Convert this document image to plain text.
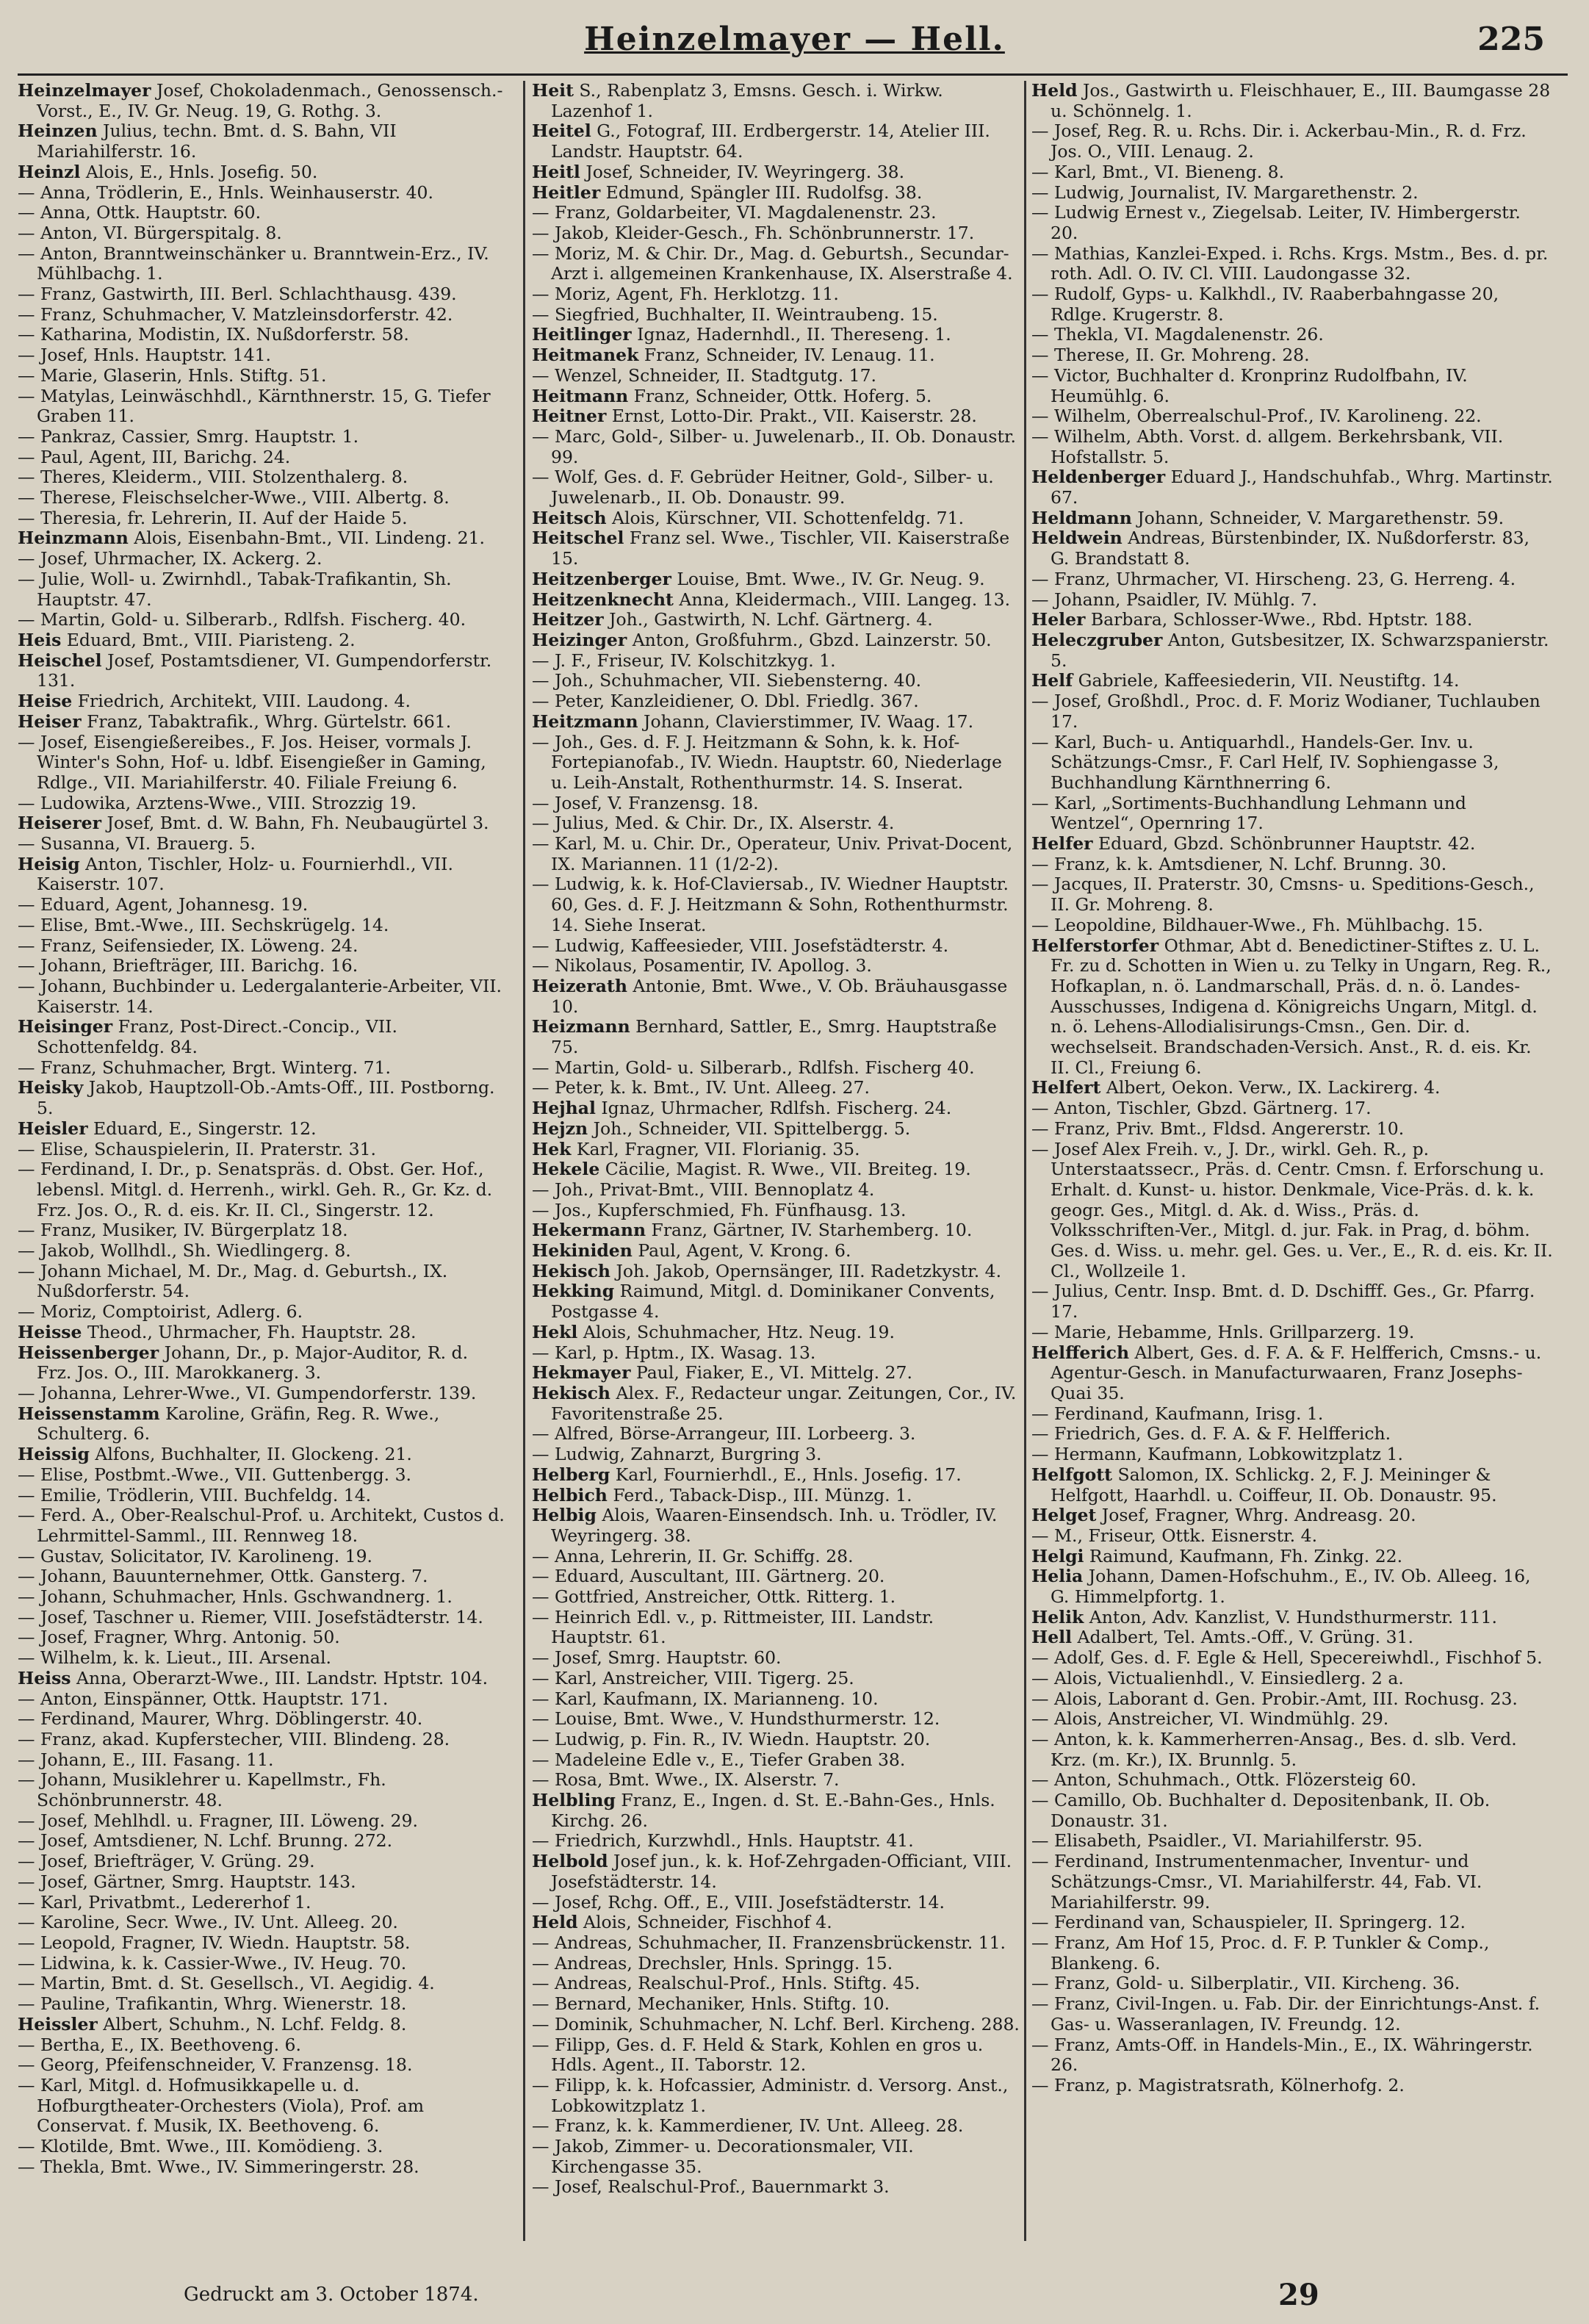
Heinzelmayer — Hell.	225
Heinzelmayer Josef, Chokoladenmach., Genossensch.-Vorst., E., IV. Gr. Neug. 19, G. Rothg. 3.
Heinzen Julius, techn. Bmt. d. S. Bahn, VII Mariahilferstr. 16.
Heinzl Alois, E., Hnls. Josefig. 50.
— Anna, Trödlerin, E., Hnls. Weinhauserstr. 40.
— Anna, Ottk. Hauptstr. 60.
— Anton, VI. Bürgerspitalg. 8.
— Anton, Branntweinschänker u. Branntwein-Erz., IV. Mühlbachg. 1.
— Franz, Gastwirth, III. Berl. Schlachthausg. 439.
— Franz, Schuhmacher, V. Matzleinsdorferstr. 42.
— Katharina, Modistin, IX. Nußdorferstr. 58.
— Josef, Hnls. Hauptstr. 141.
— Marie, Glaserin, Hnls. Stiftg. 51.
— Matylas, Leinwäschhdl., Kärnthnerstr. 15, G. Tiefer Graben 11.
— Pankraz, Cassier, Smrg. Hauptstr. 1.
— Paul, Agent, III, Barichg. 24.
— Theres, Kleiderm., VIII. Stolzenthalerg. 8.
— Therese, Fleischselcher-Wwe., VIII. Albertg. 8.
— Theresia, fr. Lehrerin, II. Auf der Haide 5.
Heinzmann Alois, Eisenbahn-Bmt., VII. Lindeng. 21.
— Josef, Uhrmacher, IX. Ackerg. 2.
— Julie, Woll- u. Zwirnhdl., Tabak-Trafikantin, Sh. Hauptstr. 47.
— Martin, Gold- u. Silberarb., Rdlfsh. Fischerg. 40.
Heis Eduard, Bmt., VIII. Piaristeng. 2.
Heischel Josef, Postamtsdiener, VI. Gumpendorferstr. 131.
Heise Friedrich, Architekt, VIII. Laudong. 4.
Heiser Franz, Tabaktrafik., Whrg. Gürtelstr. 661.
— Josef, Eisengießereibes., F. Jos. Heiser, vormals J. Winter's Sohn, Hof- u. ldbf. Eisengießer in Gaming, Rdlge., VII. Mariahilferstr. 40. Filiale Freiung 6.
— Ludowika, Arztens-Wwe., VIII. Strozzig 19.
Heiserer Josef, Bmt. d. W. Bahn, Fh. Neubaugürtel 3.
— Susanna, VI. Brauerg. 5.
Heisig Anton, Tischler, Holz- u. Fournierhdl., VII. Kaiserstr. 107.
— Eduard, Agent, Johannesg. 19.
— Elise, Bmt.-Wwe., III. Sechskrügelg. 14.
— Franz, Seifensieder, IX. Löweng. 24.
— Johann, Briefträger, III. Barichg. 16.
— Johann, Buchbinder u. Ledergalanterie-Arbeiter, VII. Kaiserstr. 14.
Heisinger Franz, Post-Direct.-Concip., VII. Schottenfeldg. 84.
— Franz, Schuhmacher, Brgt. Winterg. 71.
Heisky Jakob, Hauptzoll-Ob.-Amts-Off., III. Postborng. 5.
Heisler Eduard, E., Singerstr. 12.
— Elise, Schauspielerin, II. Praterstr. 31.
— Ferdinand, I. Dr., p. Senatspräs. d. Obst. Ger. Hof., lebensl. Mitgl. d. Herrenh., wirkl. Geh. R., Gr. Kz. d. Frz. Jos. O., R. d. eis. Kr. II. Cl., Singerstr. 12.
— Franz, Musiker, IV. Bürgerplatz 18.
— Jakob, Wollhdl., Sh. Wiedlingerg. 8.
— Johann Michael, M. Dr., Mag. d. Geburtsh., IX. Nußdorferstr. 54.
— Moriz, Comptoirist, Adlerg. 6.
Heisse Theod., Uhrmacher, Fh. Hauptstr. 28.
Heissenberger Johann, Dr., p. Major-Auditor, R. d. Frz. Jos. O., III. Marokkanerg. 3.
— Johanna, Lehrer-Wwe., VI. Gumpendorferstr. 139.
Heissenstamm Karoline, Gräfin, Reg. R. Wwe., Schulterg. 6.
Heissig Alfons, Buchhalter, II. Glockeng. 21.
— Elise, Postbmt.-Wwe., VII. Guttenbergg. 3.
— Emilie, Trödlerin, VIII. Buchfeldg. 14.
— Ferd. A., Ober-Realschul-Prof. u. Architekt, Custos d. Lehrmittel-Samml., III. Rennweg 18.
— Gustav, Solicitator, IV. Karolineng. 19.
— Johann, Bauunternehmer, Ottk. Gansterg. 7.
— Johann, Schuhmacher, Hnls. Gschwandnerg. 1.
— Josef, Taschner u. Riemer, VIII. Josefstädterstr. 14.
— Josef, Fragner, Whrg. Antonig. 50.
— Wilhelm, k. k. Lieut., III. Arsenal.
Heiss Anna, Oberarzt-Wwe., III. Landstr. Hptstr. 104.
— Anton, Einspänner, Ottk. Hauptstr. 171.
— Ferdinand, Maurer, Whrg. Döblingerstr. 40.
— Franz, akad. Kupferstecher, VIII. Blindeng. 28.
— Johann, E., III. Fasang. 11.
— Johann, Musiklehrer u. Kapellmstr., Fh. Schönbrunnerstr. 48.
— Josef, Mehlhdl. u. Fragner, III. Löweng. 29.
— Josef, Amtsdiener, N. Lchf. Brunng. 272.
— Josef, Briefträger, V. Grüng. 29.
— Josef, Gärtner, Smrg. Hauptstr. 143.
— Karl, Privatbmt., Ledererhof 1.
— Karoline, Secr. Wwe., IV. Unt. Alleeg. 20.
— Leopold, Fragner, IV. Wiedn. Hauptstr. 58.
— Lidwina, k. k. Cassier-Wwe., IV. Heug. 70.
— Martin, Bmt. d. St. Gesellsch., VI. Aegidig. 4.
— Pauline, Trafikantin, Whrg. Wienerstr. 18.
Heissler Albert, Schuhm., N. Lchf. Feldg. 8.
— Bertha, E., IX. Beethoveng. 6.
— Georg, Pfeifenschneider, V. Franzensg. 18.
— Karl, Mitgl. d. Hofmusikkapelle u. d. Hofburgtheater-Orchesters (Viola), Prof. am Conservat. f. Musik, IX. Beethoveng. 6.
— Klotilde, Bmt. Wwe., III. Komödieng. 3.
— Thekla, Bmt. Wwe., IV. Simmeringerstr. 28.
Heit S., Rabenplatz 3, Emsns. Gesch. i. Wirkw. Lazenhof 1.
Heitel G., Fotograf, III. Erdbergerstr. 14, Atelier III. Landstr. Hauptstr. 64.
Heitl Josef, Schneider, IV. Weyringerg. 38.
Heitler Edmund, Spängler III. Rudolfsg. 38.
— Franz, Goldarbeiter, VI. Magdalenenstr. 23.
— Jakob, Kleider-Gesch., Fh. Schönbrunnerstr. 17.
— Moriz, M. & Chir. Dr., Mag. d. Geburtsh., Secundar-Arzt i. allgemeinen Krankenhause, IX. Alserstraße 4.
— Moriz, Agent, Fh. Herklotzg. 11.
— Siegfried, Buchhalter, II. Weintraubeng. 15.
Heitlinger Ignaz, Hadernhdl., II. Thereseng. 1.
Heitmanek Franz, Schneider, IV. Lenaug. 11.
— Wenzel, Schneider, II. Stadtgutg. 17.
Heitmann Franz, Schneider, Ottk. Hoferg. 5.
Heitner Ernst, Lotto-Dir. Prakt., VII. Kaiserstr. 28.
— Marc, Gold-, Silber- u. Juwelenarb., II. Ob. Donaustr. 99.
— Wolf, Ges. d. F. Gebrüder Heitner, Gold-, Silber- u. Juwelenarb., II. Ob. Donaustr. 99.
Heitsch Alois, Kürschner, VII. Schottenfeldg. 71.
Heitschel Franz sel. Wwe., Tischler, VII. Kaiserstraße 15.
Heitzenberger Louise, Bmt. Wwe., IV. Gr. Neug. 9.
Heitzenknecht Anna, Kleidermach., VIII. Langeg. 13.
Heitzer Joh., Gastwirth, N. Lchf. Gärtnerg. 4.
Heizinger Anton, Großfuhrm., Gbzd. Lainzerstr. 50.
— J. F., Friseur, IV. Kolschitzkyg. 1.
— Joh., Schuhmacher, VII. Siebensterng. 40.
— Peter, Kanzleidiener, O. Dbl. Friedlg. 367.
Heitzmann Johann, Clavierstimmer, IV. Waag. 17.
— Joh., Ges. d. F. J. Heitzmann & Sohn, k. k. Hof-Fortepianofab., IV. Wiedn. Hauptstr. 60, Niederlage u. Leih-Anstalt, Rothenthurmstr. 14. S. Inserat.
— Josef, V. Franzensg. 18.
— Julius, Med. & Chir. Dr., IX. Alserstr. 4.
— Karl, M. u. Chir. Dr., Operateur, Univ. Privat-Docent, IX. Mariannen. 11 (1/2-2).
— Ludwig, k. k. Hof-Claviersab., IV. Wiedner Hauptstr. 60, Ges. d. F. J. Heitzmann & Sohn, Rothenthurmstr. 14. Siehe Inserat.
— Ludwig, Kaffeesieder, VIII. Josefstädterstr. 4.
— Nikolaus, Posamentir, IV. Apollog. 3.
Heizerath Antonie, Bmt. Wwe., V. Ob. Bräuhausgasse 10.
Heizmann Bernhard, Sattler, E., Smrg. Hauptstraße 75.
— Martin, Gold- u. Silberarb., Rdlfsh. Fischerg 40.
— Peter, k. k. Bmt., IV. Unt. Alleeg. 27.
Hejhal Ignaz, Uhrmacher, Rdlfsh. Fischerg. 24.
Hejzn Joh., Schneider, VII. Spittelbergg. 5.
Hek Karl, Fragner, VII. Florianig. 35.
Hekele Cäcilie, Magist. R. Wwe., VII. Breiteg. 19.
— Joh., Privat-Bmt., VIII. Bennoplatz 4.
— Jos., Kupferschmied, Fh. Fünfhausg. 13.
Hekermann Franz, Gärtner, IV. Starhemberg. 10.
Hekiniden Paul, Agent, V. Krong. 6.
Hekisch Joh. Jakob, Opernsänger, III. Radetzkystr. 4.
Hekking Raimund, Mitgl. d. Dominikaner Convents, Postgasse 4.
Hekl Alois, Schuhmacher, Htz. Neug. 19.
— Karl, p. Hptm., IX. Wasag. 13.
Hekmayer Paul, Fiaker, E., VI. Mittelg. 27.
Hekisch Alex. F., Redacteur ungar. Zeitungen, Cor., IV. Favoritenstraße 25.
— Alfred, Börse-Arrangeur, III. Lorbeerg. 3.
— Ludwig, Zahnarzt, Burgring 3.
Helberg Karl, Fournierhdl., E., Hnls. Josefig. 17.
Helbich Ferd., Taback-Disp., III. Münzg. 1.
Helbig Alois, Waaren-Einsendsch. Inh. u. Trödler, IV. Weyringerg. 38.
— Anna, Lehrerin, II. Gr. Schiffg. 28.
— Eduard, Auscultant, III. Gärtnerg. 20.
— Gottfried, Anstreicher, Ottk. Ritterg. 1.
— Heinrich Edl. v., p. Rittmeister, III. Landstr. Hauptstr. 61.
— Josef, Smrg. Hauptstr. 60.
— Karl, Anstreicher, VIII. Tigerg. 25.
— Karl, Kaufmann, IX. Marianneng. 10.
— Louise, Bmt. Wwe., V. Hundsthurmerstr. 12.
— Ludwig, p. Fin. R., IV. Wiedn. Hauptstr. 20.
— Madeleine Edle v., E., Tiefer Graben 38.
— Rosa, Bmt. Wwe., IX. Alserstr. 7.
Helbling Franz, E., Ingen. d. St. E.-Bahn-Ges., Hnls. Kirchg. 26.
— Friedrich, Kurzwhdl., Hnls. Hauptstr. 41.
Helbold Josef jun., k. k. Hof-Zehrgaden-Officiant, VIII. Josefstädterstr. 14.
— Josef, Rchg. Off., E., VIII. Josefstädterstr. 14.
Held Alois, Schneider, Fischhof 4.
— Andreas, Schuhmacher, II. Franzensbrückenstr. 11.
— Andreas, Drechsler, Hnls. Springg. 15.
— Andreas, Realschul-Prof., Hnls. Stiftg. 45.
— Bernard, Mechaniker, Hnls. Stiftg. 10.
— Dominik, Schuhmacher, N. Lchf. Berl. Kircheng. 288.
— Filipp, Ges. d. F. Held & Stark, Kohlen en gros u. Hdls. Agent., II. Taborstr. 12.
— Filipp, k. k. Hofcassier, Administr. d. Versorg. Anst., Lobkowitzplatz 1.
— Franz, k. k. Kammerdiener, IV. Unt. Alleeg. 28.
— Jakob, Zimmer- u. Decorationsmaler, VII. Kirchengasse 35.
— Josef, Realschul-Prof., Bauernmarkt 3.
Held Jos., Gastwirth u. Fleischhauer, E., III. Baumgasse 28 u. Schönnelg. 1.
— Josef, Reg. R. u. Rchs. Dir. i. Ackerbau-Min., R. d. Frz. Jos. O., VIII. Lenaug. 2.
— Karl, Bmt., VI. Bieneng. 8.
— Ludwig, Journalist, IV. Margarethenstr. 2.
— Ludwig Ernest v., Ziegelsab. Leiter, IV. Himbergerstr. 20.
— Mathias, Kanzlei-Exped. i. Rchs. Krgs. Mstm., Bes. d. pr. roth. Adl. O. IV. Cl. VIII. Laudongasse 32.
— Rudolf, Gyps- u. Kalkhdl., IV. Raaberbahngasse 20, Rdlge. Krugerstr. 8.
— Thekla, VI. Magdalenenstr. 26.
— Therese, II. Gr. Mohreng. 28.
— Victor, Buchhalter d. Kronprinz Rudolfbahn, IV. Heumühlg. 6.
— Wilhelm, Oberrealschul-Prof., IV. Karolineng. 22.
— Wilhelm, Abth. Vorst. d. allgem. Berkehrsbank, VII. Hofstallstr. 5.
Heldenberger Eduard J., Handschuhfab., Whrg. Martinstr. 67.
Heldmann Johann, Schneider, V. Margarethenstr. 59.
Heldwein Andreas, Bürstenbinder, IX. Nußdorferstr. 83, G. Brandstatt 8.
— Franz, Uhrmacher, VI. Hirscheng. 23, G. Herreng. 4.
— Johann, Psaidler, IV. Mühlg. 7.
Heler Barbara, Schlosser-Wwe., Rbd. Hptstr. 188.
Heleczgruber Anton, Gutsbesitzer, IX. Schwarzspanierstr. 5.
Helf Gabriele, Kaffeesiederin, VII. Neustiftg. 14.
— Josef, Großhdl., Proc. d. F. Moriz Wodianer, Tuchlauben 17.
— Karl, Buch- u. Antiquarhdl., Handels-Ger. Inv. u. Schätzungs-Cmsr., F. Carl Helf, IV. Sophiengasse 3, Buchhandlung Kärnthnerring 6.
— Karl, „Sortiments-Buchhandlung Lehmann und Wentzel“, Opernring 17.
Helfer Eduard, Gbzd. Schönbrunner Hauptstr. 42.
— Franz, k. k. Amtsdiener, N. Lchf. Brunng. 30.
— Jacques, II. Praterstr. 30, Cmsns- u. Speditions-Gesch., II. Gr. Mohreng. 8.
— Leopoldine, Bildhauer-Wwe., Fh. Mühlbachg. 15.
Helferstorfer Othmar, Abt d. Benedictiner-Stiftes z. U. L. Fr. zu d. Schotten in Wien u. zu Telky in Ungarn, Reg. R., Hofkaplan, n. ö. Landmarschall, Präs. d. n. ö. Landes-Ausschusses, Indigena d. Königreichs Ungarn, Mitgl. d. n. ö. Lehens-Allodialisirungs-Cmsn., Gen. Dir. d. wechselseit. Brandschaden-Versich. Anst., R. d. eis. Kr. II. Cl., Freiung 6.
Helfert Albert, Oekon. Verw., IX. Lackirerg. 4.
— Anton, Tischler, Gbzd. Gärtnerg. 17.
— Franz, Priv. Bmt., Fldsd. Angererstr. 10.
— Josef Alex Freih. v., J. Dr., wirkl. Geh. R., p. Unterstaatssecr., Präs. d. Centr. Cmsn. f. Erforschung u. Erhalt. d. Kunst- u. histor. Denkmale, Vice-Präs. d. k. k. geogr. Ges., Mitgl. d. Ak. d. Wiss., Präs. d. Volksschriften-Ver., Mitgl. d. jur. Fak. in Prag, d. böhm. Ges. d. Wiss. u. mehr. gel. Ges. u. Ver., E., R. d. eis. Kr. II. Cl., Wollzeile 1.
— Julius, Centr. Insp. Bmt. d. D. Dschifff. Ges., Gr. Pfarrg. 17.
— Marie, Hebamme, Hnls. Grillparzerg. 19.
Helfferich Albert, Ges. d. F. A. & F. Helfferich, Cmsns.- u. Agentur-Gesch. in Manufacturwaaren, Franz Josephs-Quai 35.
— Ferdinand, Kaufmann, Irisg. 1.
— Friedrich, Ges. d. F. A. & F. Helfferich.
— Hermann, Kaufmann, Lobkowitzplatz 1.
Helfgott Salomon, IX. Schlickg. 2, F. J. Meininger & Helfgott, Haarhdl. u. Coiffeur, II. Ob. Donaustr. 95.
Helget Josef, Fragner, Whrg. Andreasg. 20.
— M., Friseur, Ottk. Eisnerstr. 4.
Helgi Raimund, Kaufmann, Fh. Zinkg. 22.
Helia Johann, Damen-Hofschuhm., E., IV. Ob. Alleeg. 16, G. Himmelpfortg. 1.
Helik Anton, Adv. Kanzlist, V. Hundsthurmerstr. 111.
Hell Adalbert, Tel. Amts.-Off., V. Grüng. 31.
— Adolf, Ges. d. F. Egle & Hell, Specereiwhdl., Fischhof 5.
— Alois, Victualienhdl., V. Einsiedlerg. 2 a.
— Alois, Laborant d. Gen. Probir.-Amt, III. Rochusg. 23.
— Alois, Anstreicher, VI. Windmühlg. 29.
— Anton, k. k. Kammerherren-Ansag., Bes. d. slb. Verd. Krz. (m. Kr.), IX. Brunnlg. 5.
— Anton, Schuhmach., Ottk. Flözersteig 60.
— Camillo, Ob. Buchhalter d. Depositenbank, II. Ob. Donaustr. 31.
— Elisabeth, Psaidler., VI. Mariahilferstr. 95.
— Ferdinand, Instrumentenmacher, Inventur- und Schätzungs-Cmsr., VI. Mariahilferstr. 44, Fab. VI. Mariahilferstr. 99.
— Ferdinand van, Schauspieler, II. Springerg. 12.
— Franz, Am Hof 15, Proc. d. F. P. Tunkler & Comp., Blankeng. 6.
— Franz, Gold- u. Silberplatir., VII. Kircheng. 36.
— Franz, Civil-Ingen. u. Fab. Dir. der Einrichtungs-Anst. f. Gas- u. Wasseranlagen, IV. Freundg. 12.
— Franz, Amts-Off. in Handels-Min., E., IX. Währingerstr. 26.
— Franz, p. Magistratsrath, Kölnerhofg. 2.
Gedruckt am 3. October 1874.	29
